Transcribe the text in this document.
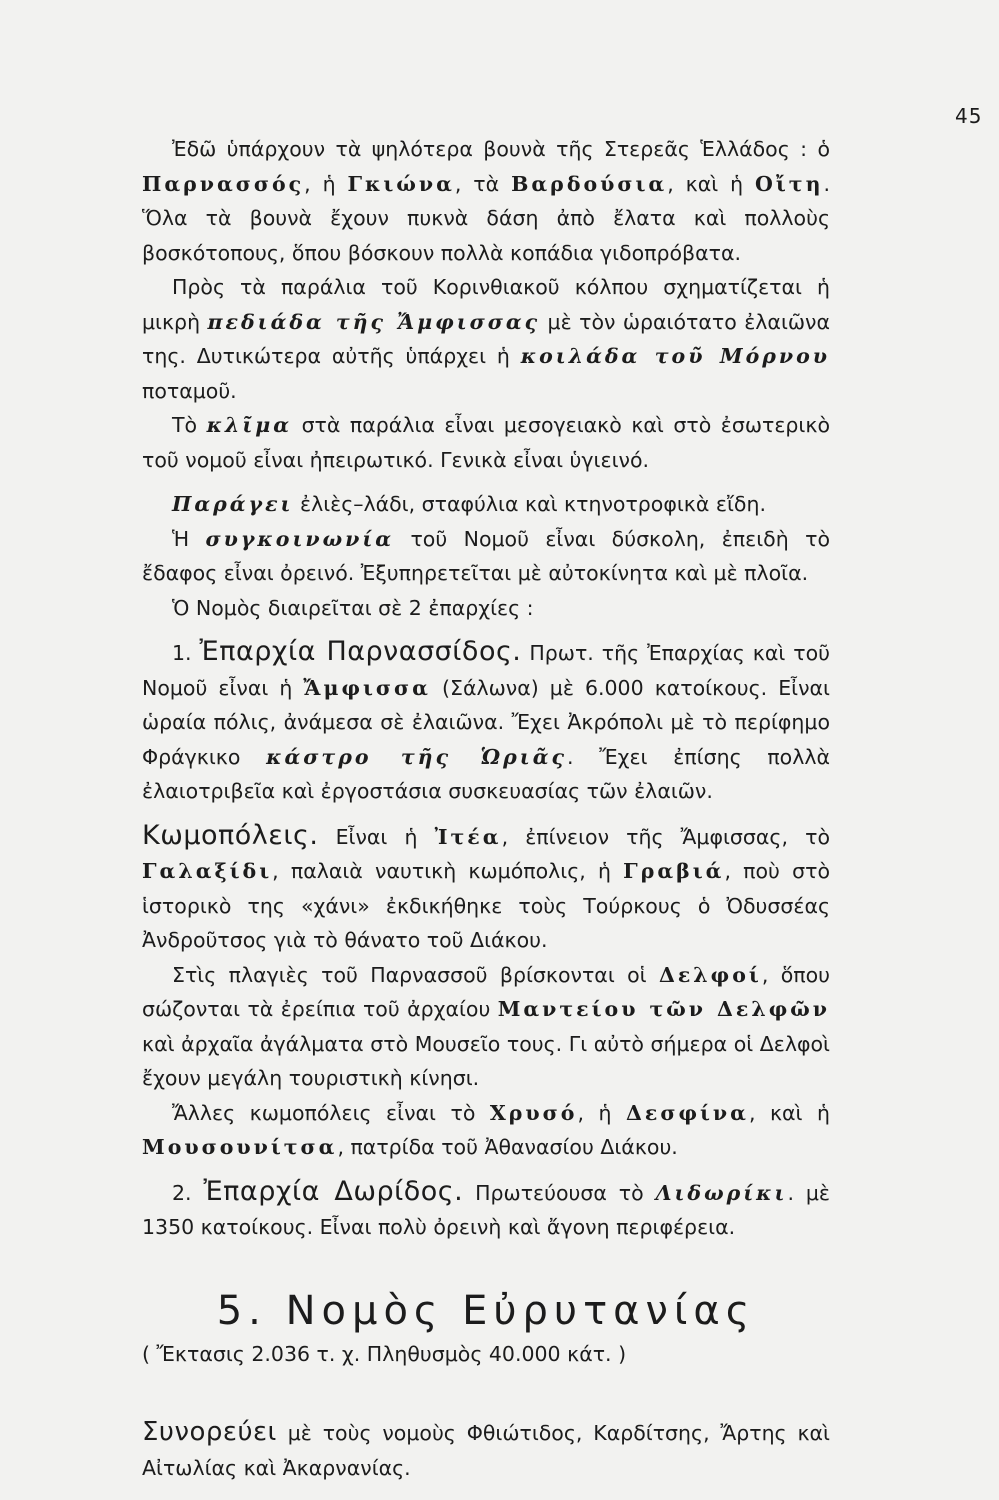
45

Ἐδῶ ὑπάρχουν τὰ ψηλότερα βουνὰ τῆς Στερεᾶς Ἑλλάδος : ὁ Παρνασσός, ἡ Γκιώνα, τὰ Βαρδούσια, καὶ ἡ Οἴτη. Ὅλα τὰ βουνὰ ἔχουν πυκνὰ δάση ἀπὸ ἔλατα καὶ πολλοὺς βοσκότοπους, ὅπου βόσκουν πολλὰ κοπάδια γιδοπρόβατα.

Πρὸς τὰ παράλια τοῦ Κορινθιακοῦ κόλπου σχηματίζεται ἡ μικρὴ πεδιάδα τῆς Ἄμφισσας μὲ τὸν ὡραιότατο ἐλαιῶνα της. Δυτικώτερα αὐτῆς ὑπάρχει ἡ κοιλάδα τοῦ Μόρνου ποταμοῦ.

Τὸ κλῖμα στὰ παράλια εἶναι μεσογειακὸ καὶ στὸ ἐσωτερικὸ τοῦ νομοῦ εἶναι ἠπειρωτικό. Γενικὰ εἶναι ὑγιεινό.

Παράγει ἐλιὲς–λάδι, σταφύλια καὶ κτηνοτροφικὰ εἴδη.

Ἡ συγκοινωνία τοῦ Νομοῦ εἶναι δύσκολη, ἐπειδὴ τὸ ἔδαφος εἶναι ὀρεινό. Ἐξυπηρετεῖται μὲ αὐτοκίνητα καὶ μὲ πλοῖα.

Ὁ Νομὸς διαιρεῖται σὲ 2 ἐπαρχίες :

1. Ἐπαρχία Παρνασσίδος. Πρωτ. τῆς Ἐπαρχίας καὶ τοῦ Νομοῦ εἶναι ἡ Ἄμφισσα (Σάλωνα) μὲ 6.000 κατοίκους. Εἶναι ὡραία πόλις, ἀνάμεσα σὲ ἐλαιῶνα. Ἔχει Ἀκρόπολι μὲ τὸ περίφημο Φράγκικο κάστρο τῆς Ὡριᾶς. Ἔχει ἐπίσης πολλὰ ἐλαιοτριβεῖα καὶ ἐργοστάσια συσκευασίας τῶν ἐλαιῶν.

Κωμοπόλεις. Εἶναι ἡ Ἰτέα, ἐπίνειον τῆς Ἄμφισσας, τὸ Γαλαξίδι, παλαιὰ ναυτικὴ κωμόπολις, ἡ Γραβιά, ποὺ στὸ ἱστορικὸ της «χάνι» ἐκδικήθηκε τοὺς Τούρκους ὁ Ὀδυσσέας Ἀνδροῦτσος γιὰ τὸ θάνατο τοῦ Διάκου.

Στὶς πλαγιὲς τοῦ Παρνασσοῦ βρίσκονται οἱ Δελφοί, ὅπου σώζονται τὰ ἐρείπια τοῦ ἀρχαίου Μαντείου τῶν Δελφῶν καὶ ἀρχαῖα ἀγάλματα στὸ Μουσεῖο τους. Γι αὐτὸ σήμερα οἱ Δελφοὶ ἔχουν μεγάλη τουριστικὴ κίνησι.

Ἄλλες κωμοπόλεις εἶναι τὸ Χρυσό, ἡ Δεσφίνα, καὶ ἡ Μουσουνίτσα, πατρίδα τοῦ Ἀθανασίου Διάκου.

2. Ἐπαρχία Δωρίδος. Πρωτεύουσα τὸ Λιδωρίκι. μὲ 1350 κατοίκους. Εἶναι πολὺ ὀρεινὴ καὶ ἄγονη περιφέρεια.

5. Νομὸς Εὐρυτανίας

( Ἔκτασις 2.036 τ. χ. Πληθυσμὸς 40.000 κάτ. )

Συνορεύει μὲ τοὺς νομοὺς Φθιώτιδος, Καρδίτσης, Ἄρτης καὶ Αἰτωλίας καὶ Ἀκαρνανίας.
